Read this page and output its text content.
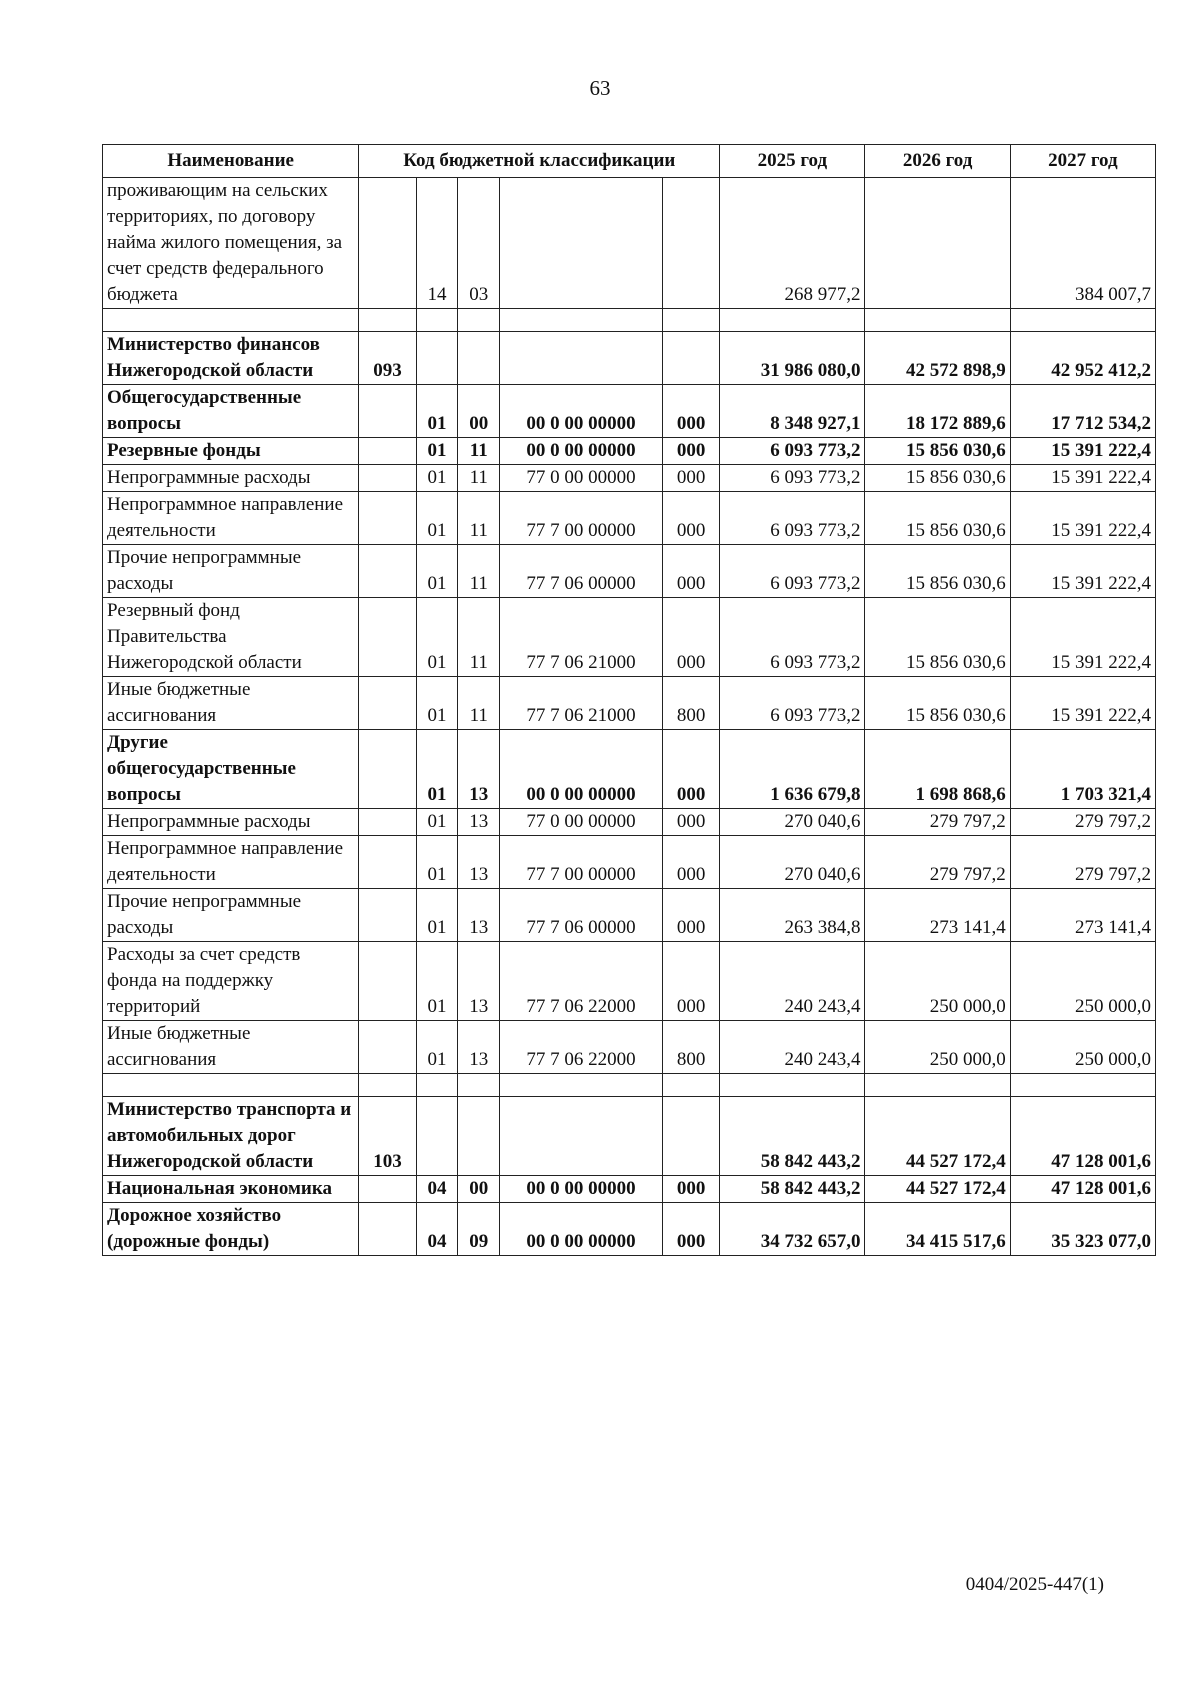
63
Наименование	Код бюджетной классификации					2025 год	2026 год	2027 год
проживающим на сельских территориях, по договору найма жилого помещения, за счет средств федерального бюджета		14	03			268 977,2		384 007,7

Министерство финансов Нижегородской области	093					31 986 080,0	42 572 898,9	42 952 412,2
Общегосударственные вопросы		01	00	00 0 00 00000	000	8 348 927,1	18 172 889,6	17 712 534,2
Резервные фонды		01	11	00 0 00 00000	000	6 093 773,2	15 856 030,6	15 391 222,4
Непрограммные расходы		01	11	77 0 00 00000	000	6 093 773,2	15 856 030,6	15 391 222,4
Непрограммное направление деятельности		01	11	77 7 00 00000	000	6 093 773,2	15 856 030,6	15 391 222,4
Прочие непрограммные расходы		01	11	77 7 06 00000	000	6 093 773,2	15 856 030,6	15 391 222,4
Резервный фонд Правительства Нижегородской области		01	11	77 7 06 21000	000	6 093 773,2	15 856 030,6	15 391 222,4
Иные бюджетные ассигнования		01	11	77 7 06 21000	800	6 093 773,2	15 856 030,6	15 391 222,4
Другие общегосударственные вопросы		01	13	00 0 00 00000	000	1 636 679,8	1 698 868,6	1 703 321,4
Непрограммные расходы		01	13	77 0 00 00000	000	270 040,6	279 797,2	279 797,2
Непрограммное направление деятельности		01	13	77 7 00 00000	000	270 040,6	279 797,2	279 797,2
Прочие непрограммные расходы		01	13	77 7 06 00000	000	263 384,8	273 141,4	273 141,4
Расходы за счет средств фонда на поддержку территорий		01	13	77 7 06 22000	000	240 243,4	250 000,0	250 000,0
Иные бюджетные ассигнования		01	13	77 7 06 22000	800	240 243,4	250 000,0	250 000,0

Министерство транспорта и автомобильных дорог Нижегородской области	103					58 842 443,2	44 527 172,4	47 128 001,6
Национальная экономика		04	00	00 0 00 00000	000	58 842 443,2	44 527 172,4	47 128 001,6
Дорожное хозяйство (дорожные фонды)		04	09	00 0 00 00000	000	34 732 657,0	34 415 517,6	35 323 077,0
0404/2025-447(1)
